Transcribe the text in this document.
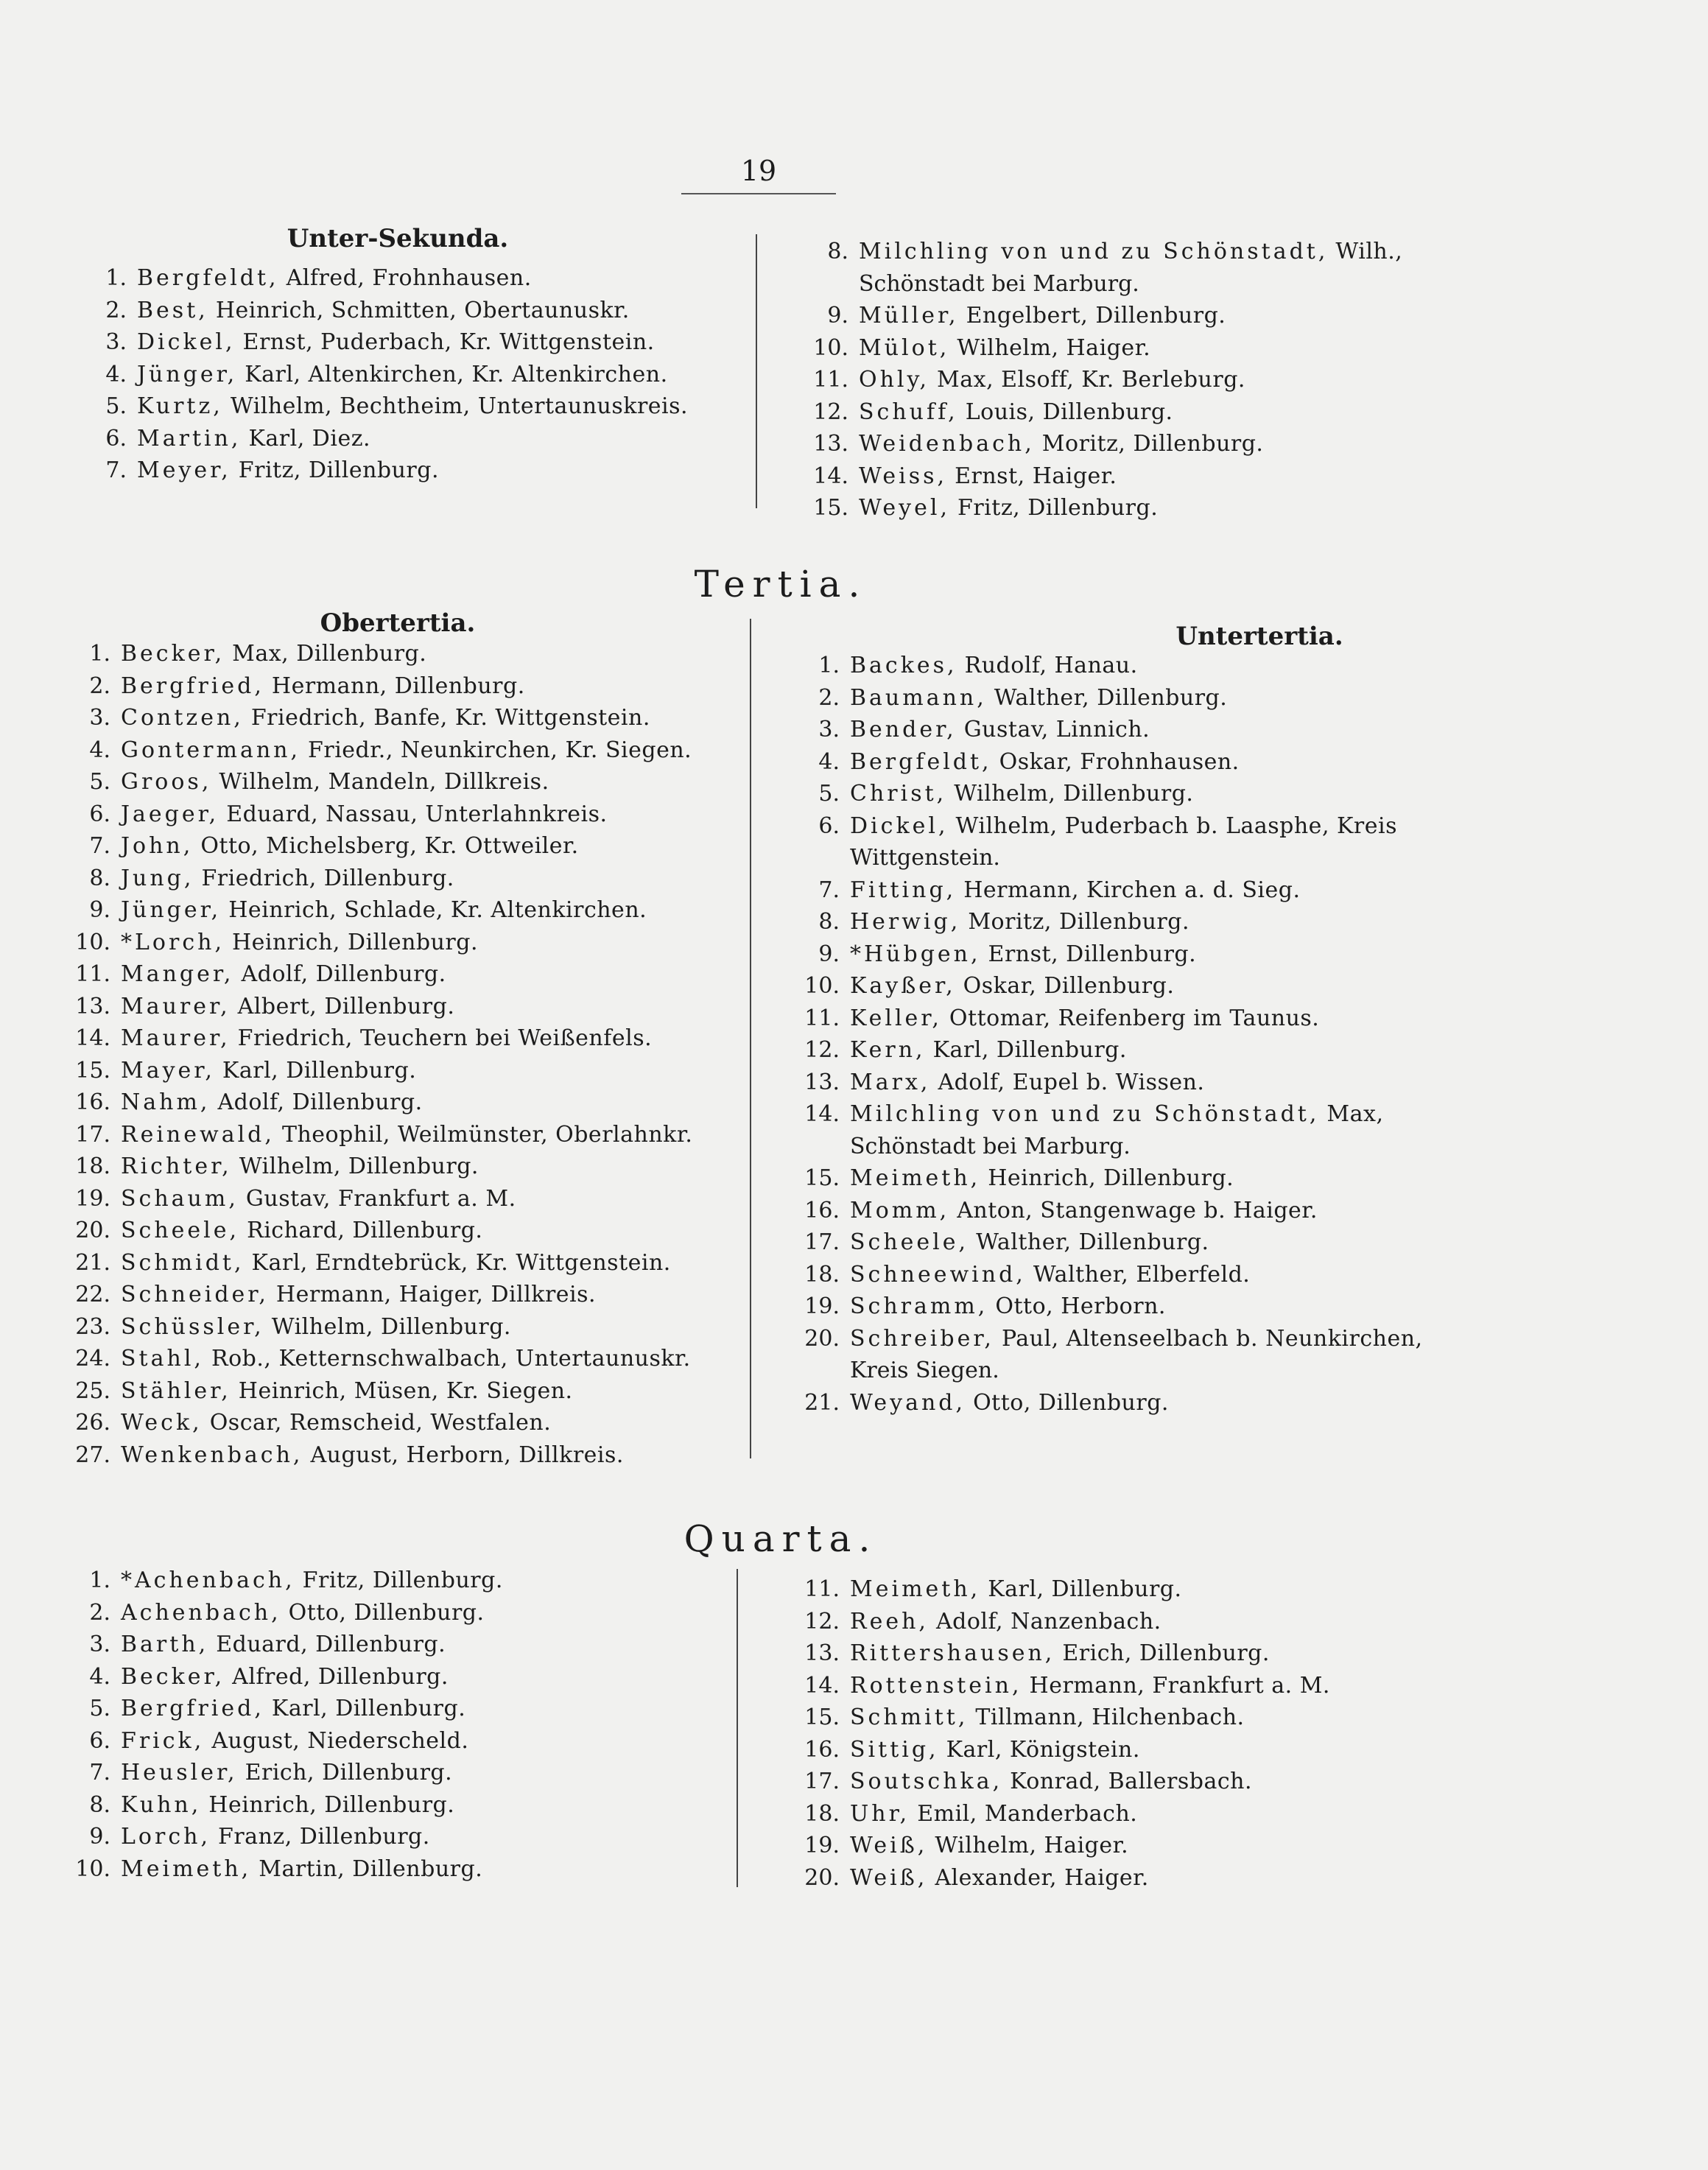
19
Unter-Sekunda.
1. Bergfeldt, Alfred, Frohnhausen.
2. Best, Heinrich, Schmitten, Obertaunuskr.
3. Dickel, Ernst, Puderbach, Kr. Wittgenstein.
4. Jünger, Karl, Altenkirchen, Kr. Altenkirchen.
5. Kurtz, Wilhelm, Bechtheim, Untertaunuskreis.
6. Martin, Karl, Diez.
7. Meyer, Fritz, Dillenburg.
8. Milchling von und zu Schönstadt, Wilh.,
Schönstadt bei Marburg.
9. Müller, Engelbert, Dillenburg.
10. Mülot, Wilhelm, Haiger.
11. Ohly, Max, Elsoff, Kr. Berleburg.
12. Schuff, Louis, Dillenburg.
13. Weidenbach, Moritz, Dillenburg.
14. Weiss, Ernst, Haiger.
15. Weyel, Fritz, Dillenburg.
Tertia.
Obertertia.
1. Becker, Max, Dillenburg.
2. Bergfried, Hermann, Dillenburg.
3. Contzen, Friedrich, Banfe, Kr. Wittgenstein.
4. Gontermann, Friedr., Neunkirchen, Kr. Siegen.
5. Groos, Wilhelm, Mandeln, Dillkreis.
6. Jaeger, Eduard, Nassau, Unterlahnkreis.
7. John, Otto, Michelsberg, Kr. Ottweiler.
8. Jung, Friedrich, Dillenburg.
9. Jünger, Heinrich, Schlade, Kr. Altenkirchen.
10. *Lorch, Heinrich, Dillenburg.
11. Manger, Adolf, Dillenburg.
13. Maurer, Albert, Dillenburg.
14. Maurer, Friedrich, Teuchern bei Weißenfels.
15. Mayer, Karl, Dillenburg.
16. Nahm, Adolf, Dillenburg.
17. Reinewald, Theophil, Weilmünster, Oberlahnkr.
18. Richter, Wilhelm, Dillenburg.
19. Schaum, Gustav, Frankfurt a. M.
20. Scheele, Richard, Dillenburg.
21. Schmidt, Karl, Erndtebrück, Kr. Wittgenstein.
22. Schneider, Hermann, Haiger, Dillkreis.
23. Schüssler, Wilhelm, Dillenburg.
24. Stahl, Rob., Ketternschwalbach, Untertaunuskr.
25. Stähler, Heinrich, Müsen, Kr. Siegen.
26. Weck, Oscar, Remscheid, Westfalen.
27. Wenkenbach, August, Herborn, Dillkreis.
Untertertia.
1. Backes, Rudolf, Hanau.
2. Baumann, Walther, Dillenburg.
3. Bender, Gustav, Linnich.
4. Bergfeldt, Oskar, Frohnhausen.
5. Christ, Wilhelm, Dillenburg.
6. Dickel, Wilhelm, Puderbach b. Laasphe, Kreis
Wittgenstein.
7. Fitting, Hermann, Kirchen a. d. Sieg.
8. Herwig, Moritz, Dillenburg.
9. *Hübgen, Ernst, Dillenburg.
10. Kayßer, Oskar, Dillenburg.
11. Keller, Ottomar, Reifenberg im Taunus.
12. Kern, Karl, Dillenburg.
13. Marx, Adolf, Eupel b. Wissen.
14. Milchling von und zu Schönstadt, Max,
Schönstadt bei Marburg.
15. Meimeth, Heinrich, Dillenburg.
16. Momm, Anton, Stangenwage b. Haiger.
17. Scheele, Walther, Dillenburg.
18. Schneewind, Walther, Elberfeld.
19. Schramm, Otto, Herborn.
20. Schreiber, Paul, Altenseelbach b. Neunkirchen,
Kreis Siegen.
21. Weyand, Otto, Dillenburg.
Quarta.
1. *Achenbach, Fritz, Dillenburg.
2. Achenbach, Otto, Dillenburg.
3. Barth, Eduard, Dillenburg.
4. Becker, Alfred, Dillenburg.
5. Bergfried, Karl, Dillenburg.
6. Frick, August, Niederscheld.
7. Heusler, Erich, Dillenburg.
8. Kuhn, Heinrich, Dillenburg.
9. Lorch, Franz, Dillenburg.
10. Meimeth, Martin, Dillenburg.
11. Meimeth, Karl, Dillenburg.
12. Reeh, Adolf, Nanzenbach.
13. Rittershausen, Erich, Dillenburg.
14. Rottenstein, Hermann, Frankfurt a. M.
15. Schmitt, Tillmann, Hilchenbach.
16. Sittig, Karl, Königstein.
17. Soutschka, Konrad, Ballersbach.
18. Uhr, Emil, Manderbach.
19. Weiß, Wilhelm, Haiger.
20. Weiß, Alexander, Haiger.
